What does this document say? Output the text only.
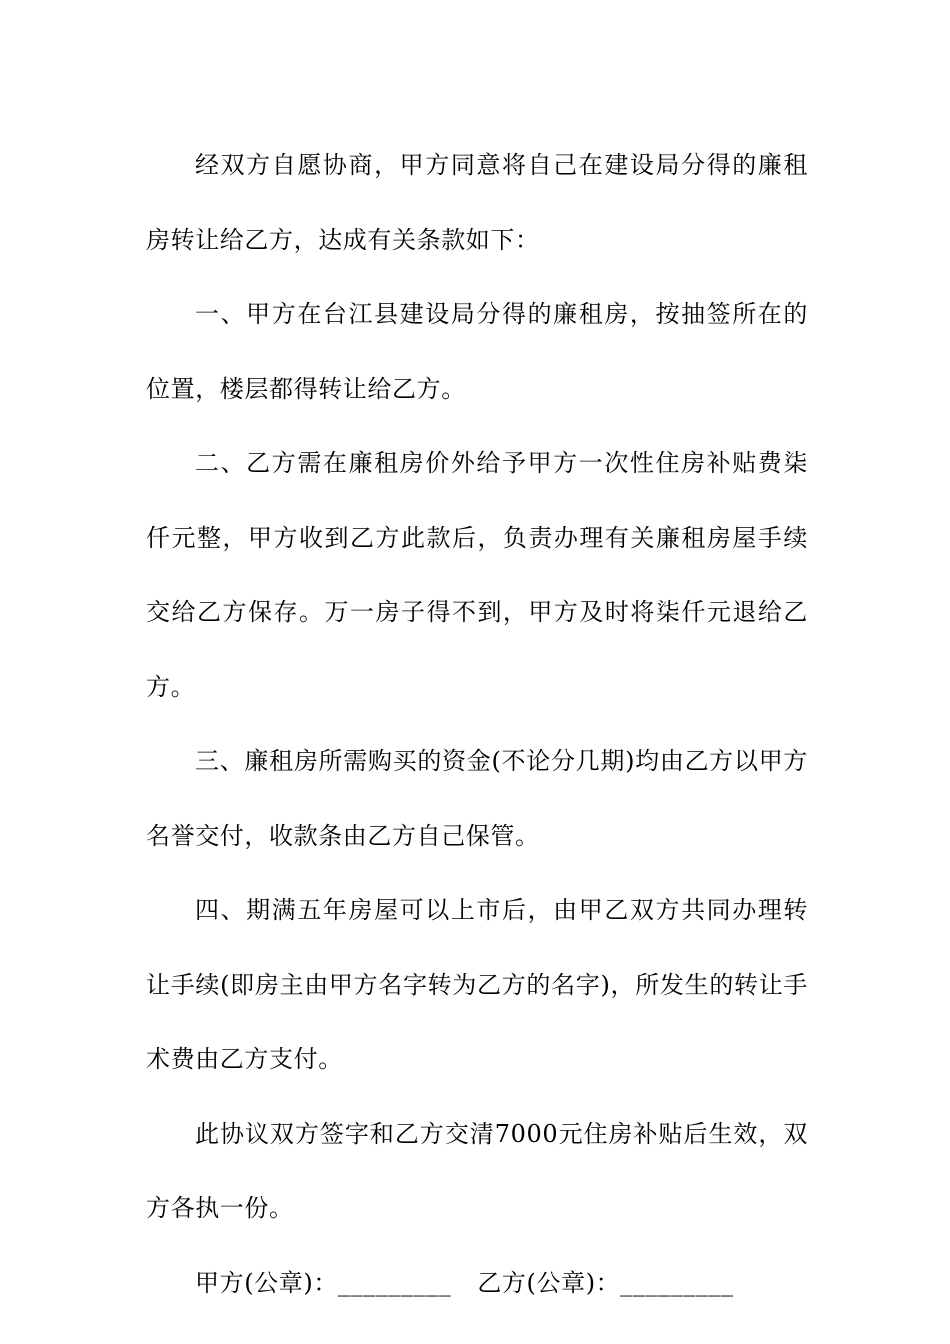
经双方自愿协商，甲方同意将自己在建设局分得的廉租房转让给乙方，达成有关条款如下：

一、甲方在台江县建设局分得的廉租房，按抽签所在的位置，楼层都得转让给乙方。

二、乙方需在廉租房价外给予甲方一次性住房补贴费柒仟元整，甲方收到乙方此款后，负责办理有关廉租房屋手续交给乙方保存。万一房子得不到，甲方及时将柒仟元退给乙方。

三、廉租房所需购买的资金(不论分几期)均由乙方以甲方名誉交付，收款条由乙方自己保管。

四、期满五年房屋可以上市后，由甲乙双方共同办理转让手续(即房主由甲方名字转为乙方的名字)，所发生的转让手术费由乙方支付。

此协议双方签字和乙方交清7000元住房补贴后生效，双方各执一份。

甲方(公章)：_________ 乙方(公章)：_________
